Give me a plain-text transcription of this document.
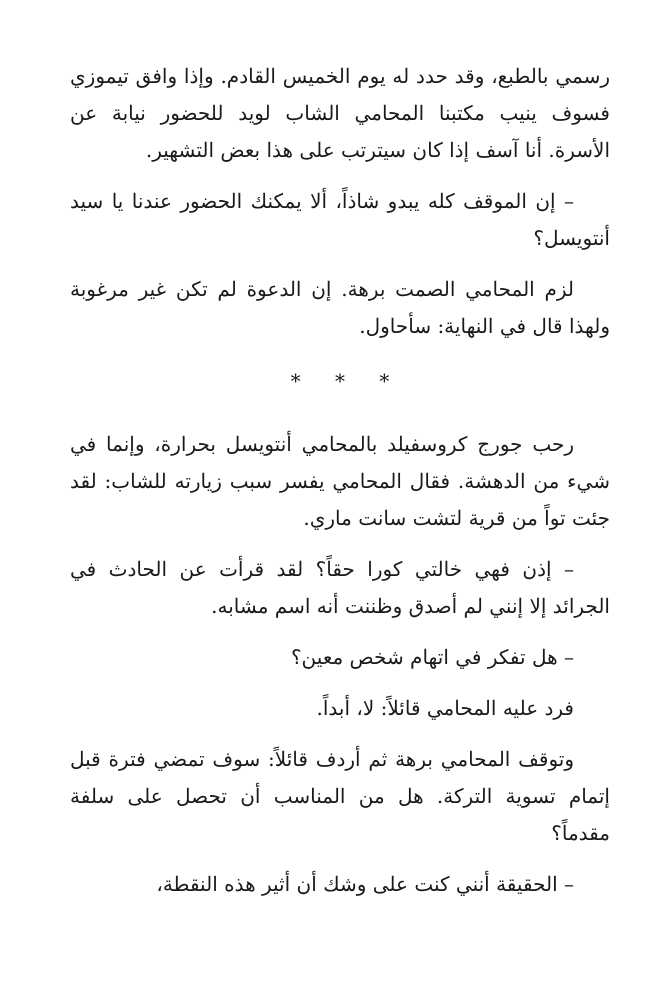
رسمي بالطبع، وقد حدد له يوم الخميس القادم. وإذا وافق تيموزي فسوف ينيب مكتبنا المحامي الشاب لويد للحضور نيابة عن الأسرة. أنا آسف إذا كان سيترتب على هذا بعض التشهير.

– إن الموقف كله يبدو شاذاً، ألا يمكنك الحضور عندنا يا سيد أنتويسل؟

لزم المحامي الصمت برهة. إن الدعوة لم تكن غير مرغوبة ولهذا قال في النهاية: سأحاول.

* * *

رحب جورج كروسفيلد بالمحامي أنتويسل بحرارة، وإنما في شيء من الدهشة. فقال المحامي يفسر سبب زيارته للشاب: لقد جئت تواً من قرية لتشت سانت ماري.

– إذن فهي خالتي كورا حقاً؟ لقد قرأت عن الحادث في الجرائد إلا إنني لم أصدق وظننت أنه اسم مشابه.

– هل تفكر في اتهام شخص معين؟

فرد عليه المحامي قائلاً: لا، أبداً.

وتوقف المحامي برهة ثم أردف قائلاً: سوف تمضي فترة قبل إتمام تسوية التركة. هل من المناسب أن تحصل على سلفة مقدماً؟

– الحقيقة أنني كنت على وشك أن أثير هذه النقطة،
